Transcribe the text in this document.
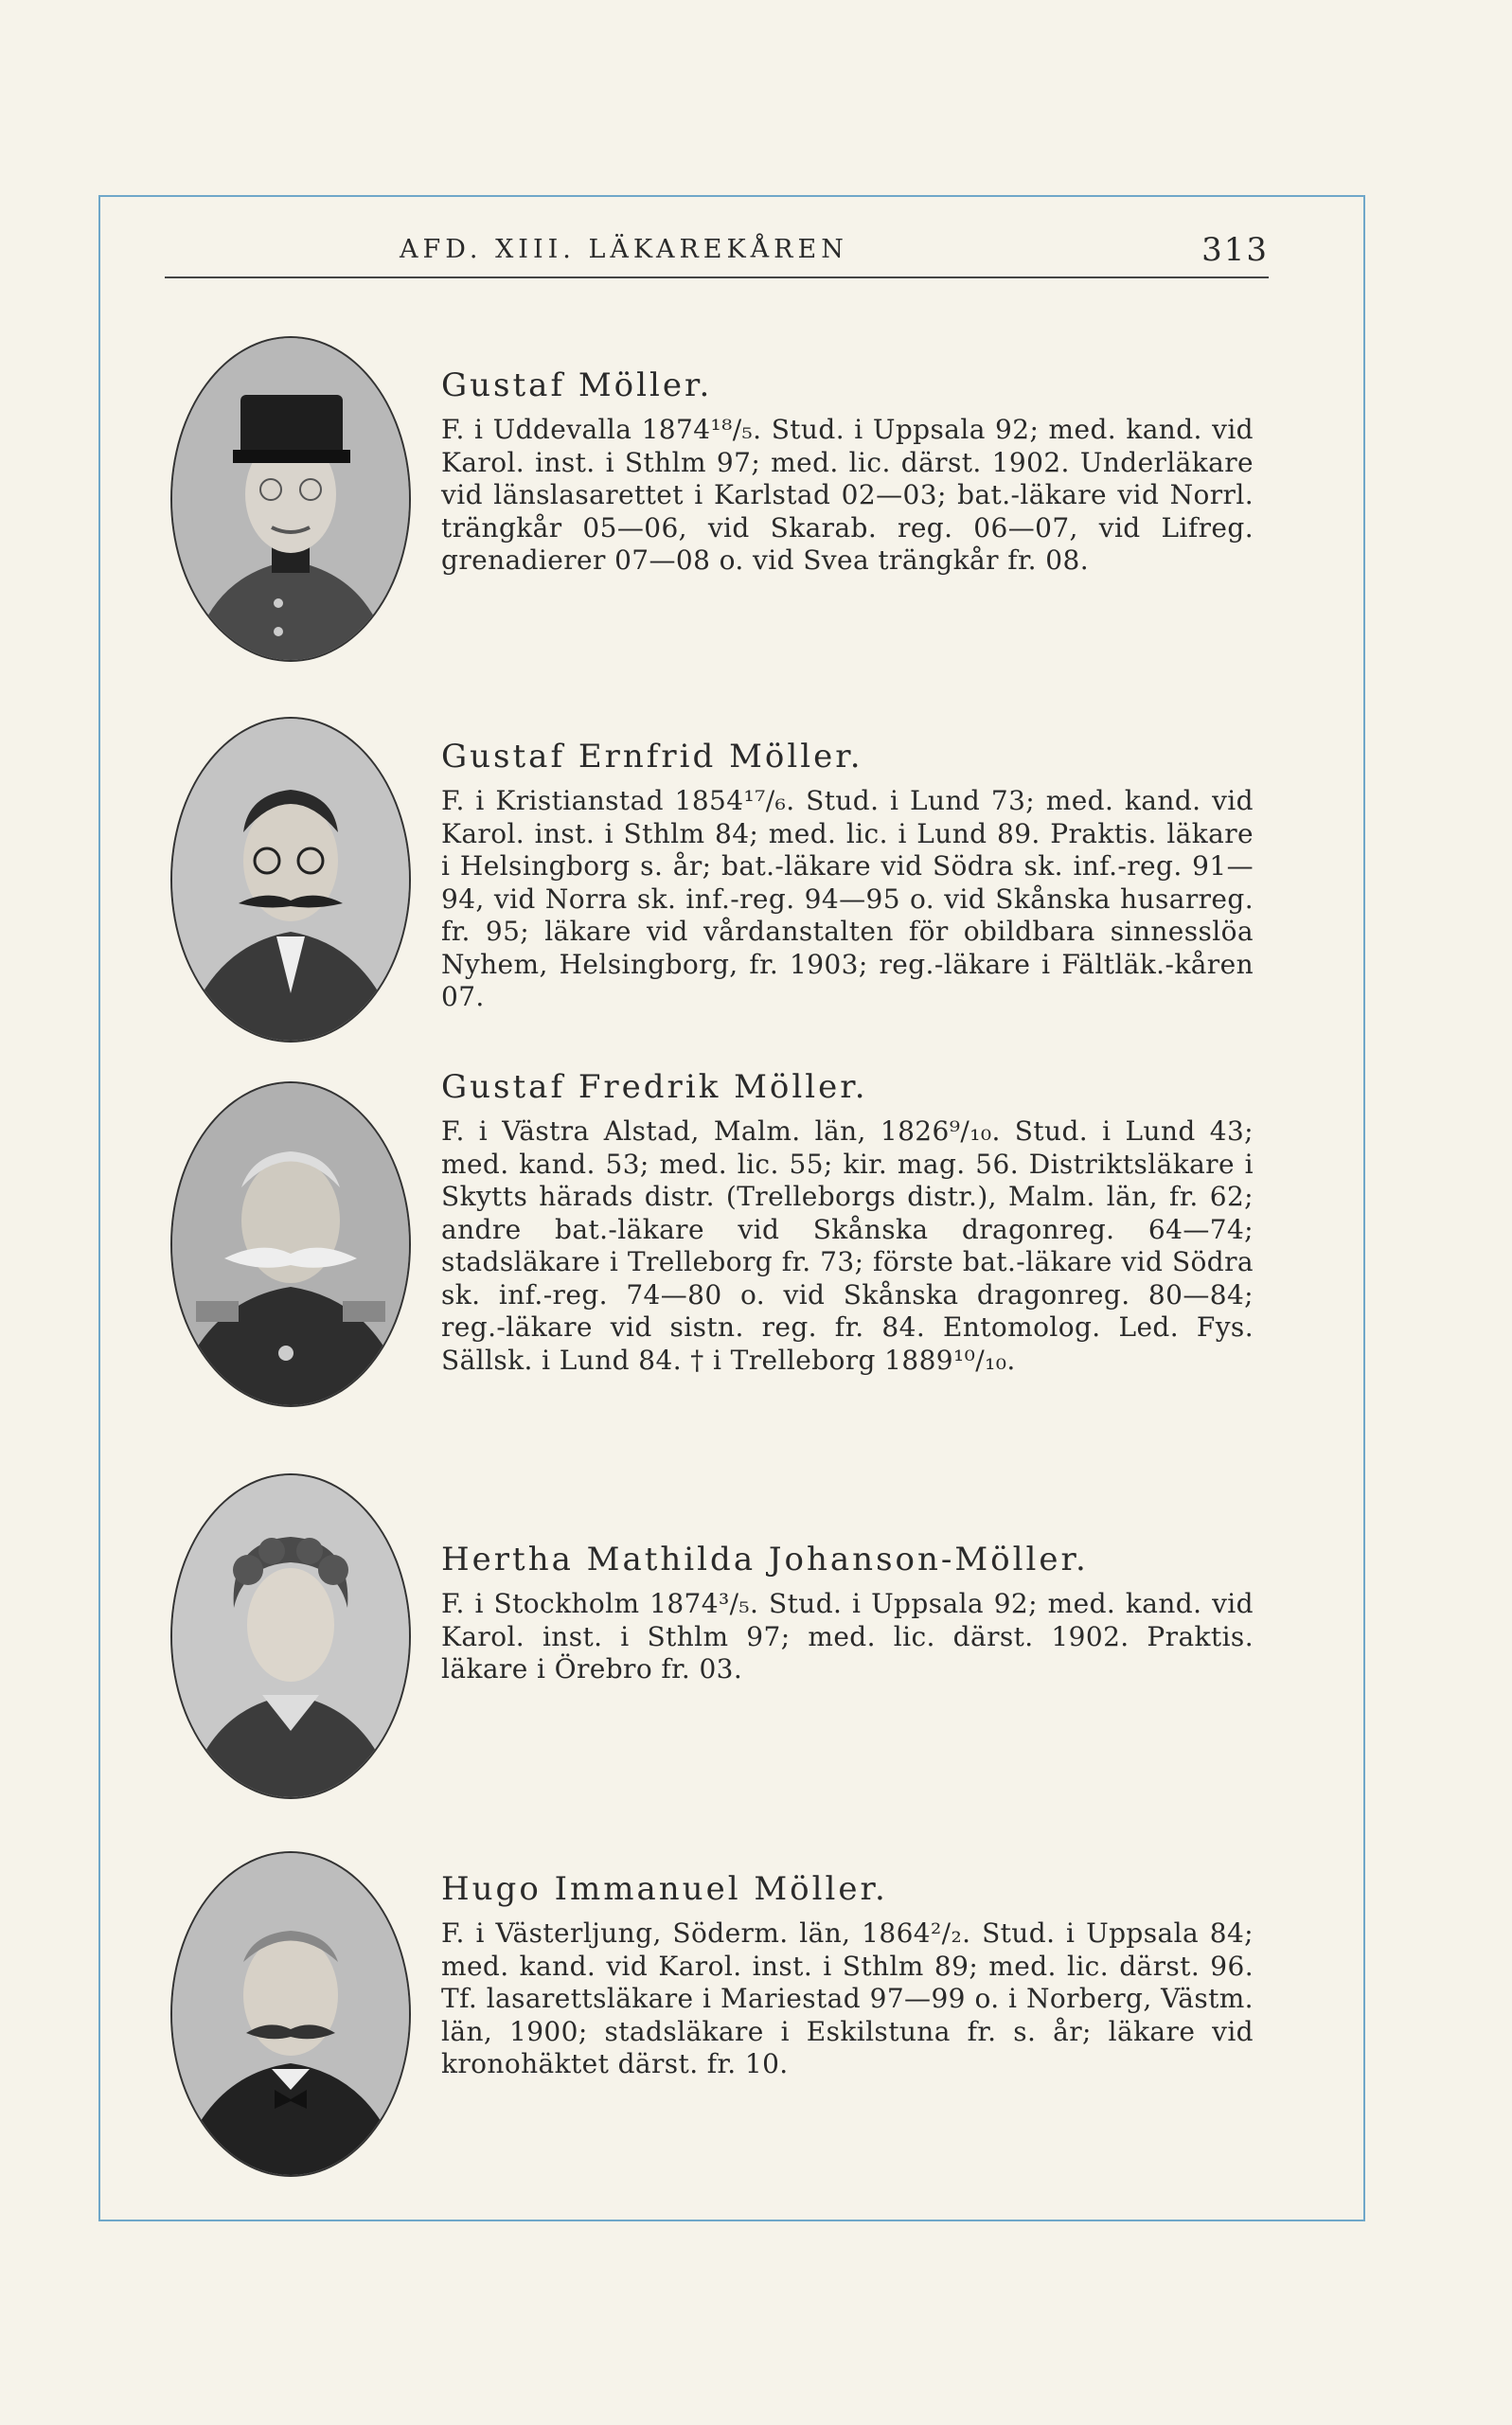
AFD. XIII. LÄKAREKÅREN	313
Gustaf Möller.

F. i Uddevalla 1874¹⁸/₅. Stud. i Uppsala 92; med. kand. vid Karol. inst. i Sthlm 97; med. lic. därst. 1902. Underläkare vid länslasarettet i Karlstad 02—03; bat.-läkare vid Norrl. trängkår 05—06, vid Skarab. reg. 06—07, vid Lifreg. grenadierer 07—08 o. vid Svea trängkår fr. 08.

Gustaf Ernfrid Möller.

F. i Kristianstad 1854¹⁷/₆. Stud. i Lund 73; med. kand. vid Karol. inst. i Sthlm 84; med. lic. i Lund 89. Praktis. läkare i Helsingborg s. år; bat.-läkare vid Södra sk. inf.-reg. 91—94, vid Norra sk. inf.-reg. 94—95 o. vid Skånska husarreg. fr. 95; läkare vid vårdanstalten för obildbara sinnesslöa Nyhem, Helsingborg, fr. 1903; reg.-läkare i Fältläk.-kåren 07.

Gustaf Fredrik Möller.

F. i Västra Alstad, Malm. län, 1826⁹/₁₀. Stud. i Lund 43; med. kand. 53; med. lic. 55; kir. mag. 56. Distriktsläkare i Skytts härads distr. (Trelleborgs distr.), Malm. län, fr. 62; andre bat.-läkare vid Skånska dragonreg. 64—74; stadsläkare i Trelleborg fr. 73; förste bat.-läkare vid Södra sk. inf.-reg. 74—80 o. vid Skånska dragonreg. 80—84; reg.-läkare vid sistn. reg. fr. 84. Entomolog. Led. Fys. Sällsk. i Lund 84. † i Trelleborg 1889¹⁰/₁₀.

Hertha Mathilda Johanson-Möller.

F. i Stockholm 1874³/₅. Stud. i Uppsala 92; med. kand. vid Karol. inst. i Sthlm 97; med. lic. därst. 1902. Praktis. läkare i Örebro fr. 03.

Hugo Immanuel Möller.

F. i Västerljung, Söderm. län, 1864²/₂. Stud. i Uppsala 84; med. kand. vid Karol. inst. i Sthlm 89; med. lic. därst. 96. Tf. lasarettsläkare i Mariestad 97—99 o. i Norberg, Västm. län, 1900; stadsläkare i Eskilstuna fr. s. år; läkare vid kronohäktet därst. fr. 10.
